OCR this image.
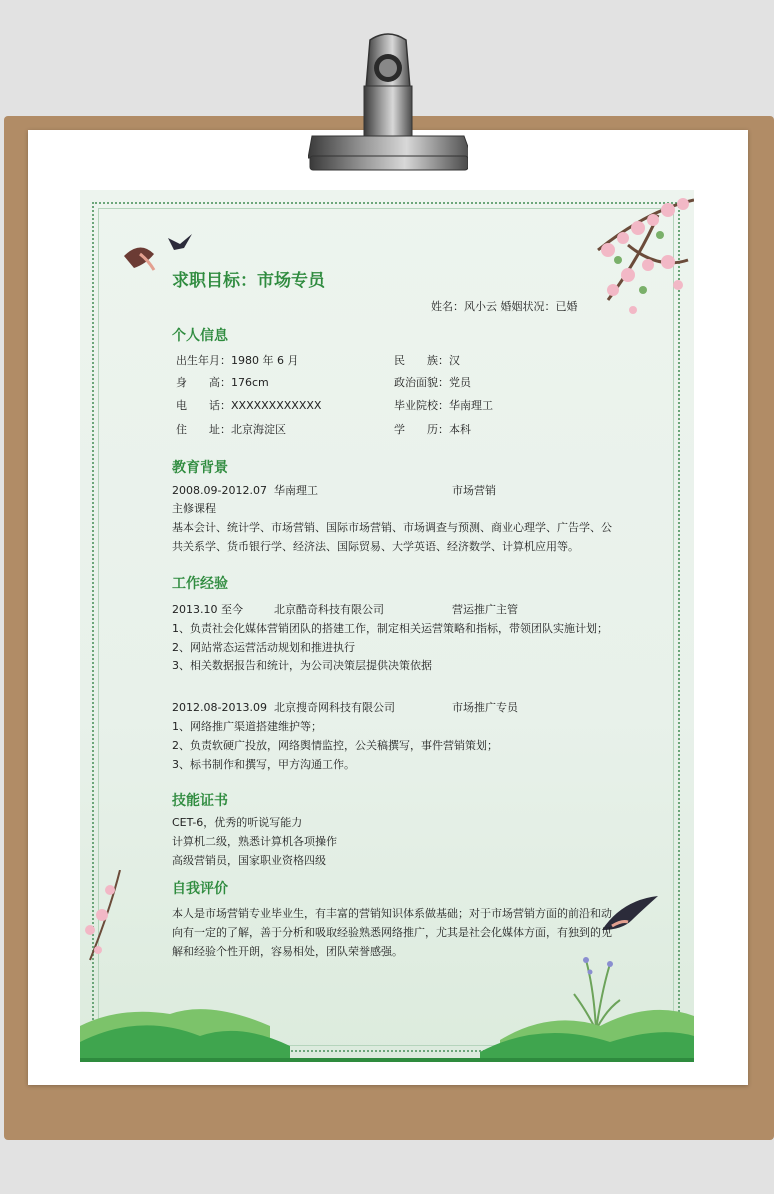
求职目标：市场专员
姓名：风小云 婚姻状况：已婚
个人信息
出生年月：1980 年 6 月	民　　族：汉
身　　高：176cm	政治面貌：党员
电　　话：XXXXXXXXXXXX	毕业院校：华南理工
住　　址：北京海淀区	学　　历：本科
教育背景
2008.09-2012.07 华南理工	市场营销
主修课程
基本会计、统计学、市场营销、国际市场营销、市场调查与预测、商业心理学、广告学、公
共关系学、货币银行学、经济法、国际贸易、大学英语、经济数学、计算机应用等。
工作经验
2013.10 至今	北京酷奇科技有限公司	营运推广主管
1、负责社会化媒体营销团队的搭建工作，制定相关运营策略和指标，带领团队实施计划；
2、网站常态运营活动规划和推进执行
3、相关数据报告和统计，为公司决策层提供决策依据
2012.08-2013.09 北京搜奇网科技有限公司	市场推广专员
1、网络推广渠道搭建维护等；
2、负责软硬广投放，网络舆情监控，公关稿撰写，事件营销策划；
3、标书制作和撰写，甲方沟通工作。
技能证书
CET-6，优秀的听说写能力
计算机二级，熟悉计算机各项操作
高级营销员，国家职业资格四级
自我评价
本人是市场营销专业毕业生，有丰富的营销知识体系做基础；对于市场营销方面的前沿和动
向有一定的了解，善于分析和吸取经验熟悉网络推广，尤其是社会化媒体方面，有独到的见
解和经验个性开朗，容易相处，团队荣誉感强。
